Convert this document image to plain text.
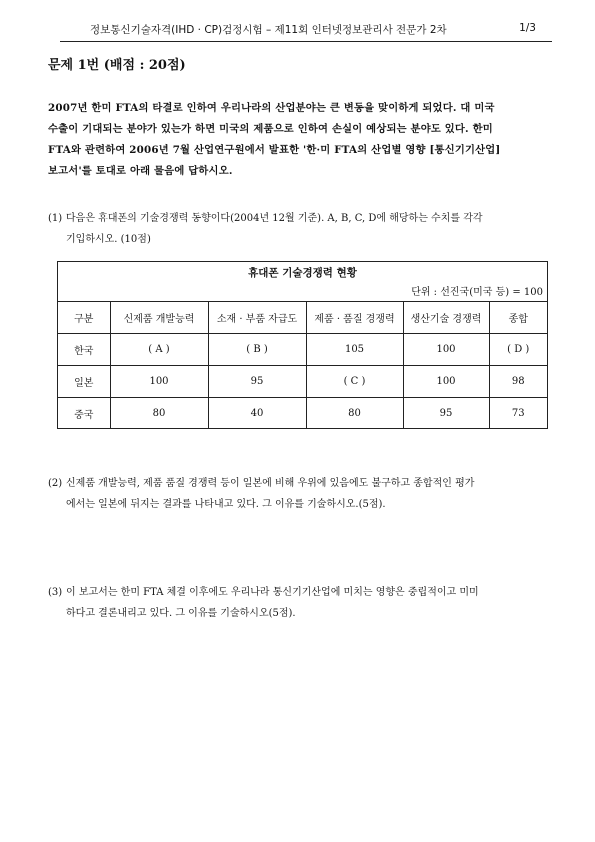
정보통신기술자격(IHD · CP)검정시험 – 제11회 인터넷정보관리사 전문가 2차	1/3
문제 1번 (배점 : 20점)
2007년 한미 FTA의 타결로 인하여 우리나라의 산업분야는 큰 변동을 맞이하게 되었다. 대 미국
수출이 기대되는 분야가 있는가 하면 미국의 제품으로 인하여 손실이 예상되는 분야도 있다. 한미
FTA와 관련하여 2006년 7월 산업연구원에서 발표한 '한·미 FTA의 산업별 영향 [통신기기산업]
보고서'를 토대로 아래 물음에 답하시오.
(1) 다음은 휴대폰의 기술경쟁력 동향이다(2004년 12월 기준). A, B, C, D에 해당하는 수치를 각각
기입하시오. (10점)
휴대폰 기술경쟁력 현황
단위 : 선진국(미국 등) = 100
구분	신제품 개발능력	소재 · 부품 자급도	제품 · 품질 경쟁력	생산기술 경쟁력	종합
한국	( A )	( B )	105	100	( D )
일본	100	95	( C )	100	98
중국	80	40	80	95	73
(2) 신제품 개발능력, 제품 품질 경쟁력 등이 일본에 비해 우위에 있음에도 불구하고 종합적인 평가
에서는 일본에 뒤지는 결과를 나타내고 있다. 그 이유를 기술하시오.(5점).
(3) 이 보고서는 한미 FTA 체결 이후에도 우리나라 통신기기산업에 미치는 영향은 중립적이고 미미
하다고 결론내리고 있다. 그 이유를 기술하시오(5점).
